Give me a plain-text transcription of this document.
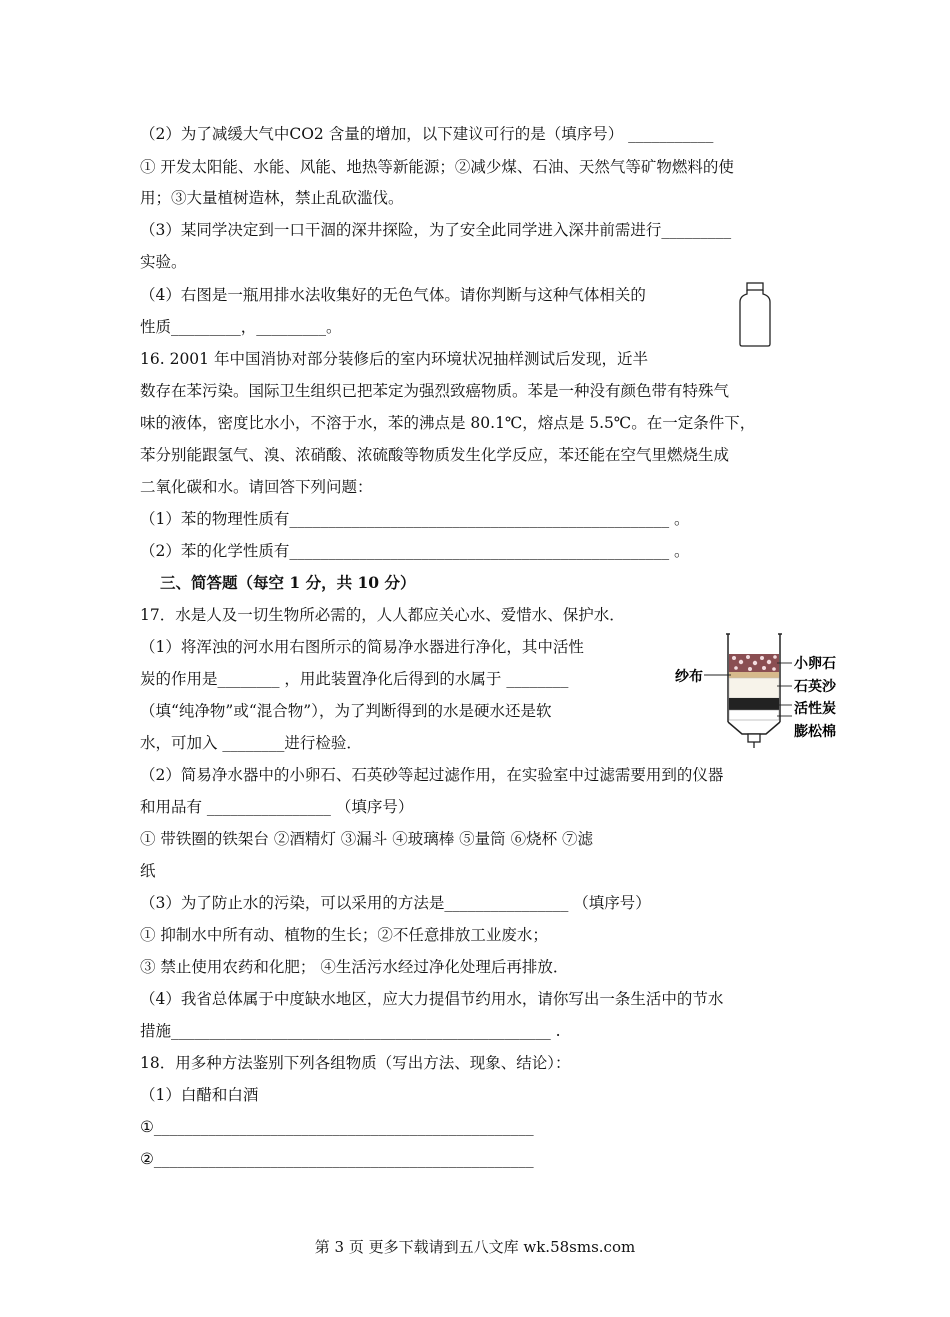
（2）为了减缓大气中CO2 含量的增加，以下建议可行的是（填序号） ___________
① 开发太阳能、水能、风能、地热等新能源；②减少煤、石油、天然气等矿物燃料的使
用；③大量植树造林，禁止乱砍滥伐。
（3）某同学决定到一口干涸的深井探险，为了安全此同学进入深井前需进行_________
实验。
（4）右图是一瓶用排水法收集好的无色气体。请你判断与这种气体相关的
性质_________，_________。
16. 2001 年中国消协对部分装修后的室内环境状况抽样测试后发现，近半
数存在苯污染。国际卫生组织已把苯定为强烈致癌物质。苯是一种没有颜色带有特殊气
味的液体，密度比水小，不溶于水，苯的沸点是 80.1℃，熔点是 5.5℃。在一定条件下，
苯分别能跟氢气、溴、浓硝酸、浓硫酸等物质发生化学反应，苯还能在空气里燃烧生成
二氧化碳和水。请回答下列问题：
（1）苯的物理性质有_________________________________________________ 。
（2）苯的化学性质有_________________________________________________ 。
三、简答题（每空 1 分，共 10 分）
17．水是人及一切生物所必需的，人人都应关心水、爱惜水、保护水．
（1）将浑浊的河水用右图所示的简易净水器进行净化，其中活性
炭的作用是________ ，用此装置净化后得到的水属于 ________
（填“纯净物”或“混合物”），为了判断得到的水是硬水还是软
水，可加入 ________进行检验．
纱布
小卵石
石英沙
活性炭
膨松棉
（2）简易净水器中的小卵石、石英砂等起过滤作用，在实验室中过滤需要用到的仪器
和用品有 ________________ （填序号）
① 带铁圈的铁架台 ②酒精灯 ③漏斗 ④玻璃棒 ⑤量筒 ⑥烧杯 ⑦滤
纸
（3）为了防止水的污染，可以采用的方法是________________ （填序号）
① 抑制水中所有动、植物的生长；②不任意排放工业废水；
③ 禁止使用农药和化肥； ④生活污水经过净化处理后再排放．
（4）我省总体属于中度缺水地区，应大力提倡节约用水，请你写出一条生活中的节水
措施_________________________________________________ .
18．用多种方法鉴别下列各组物质（写出方法、现象、结论）：
（1）白醋和白酒
①_________________________________________________
②_________________________________________________
第 3 页 更多下载请到五八文库 wk.58sms.com
